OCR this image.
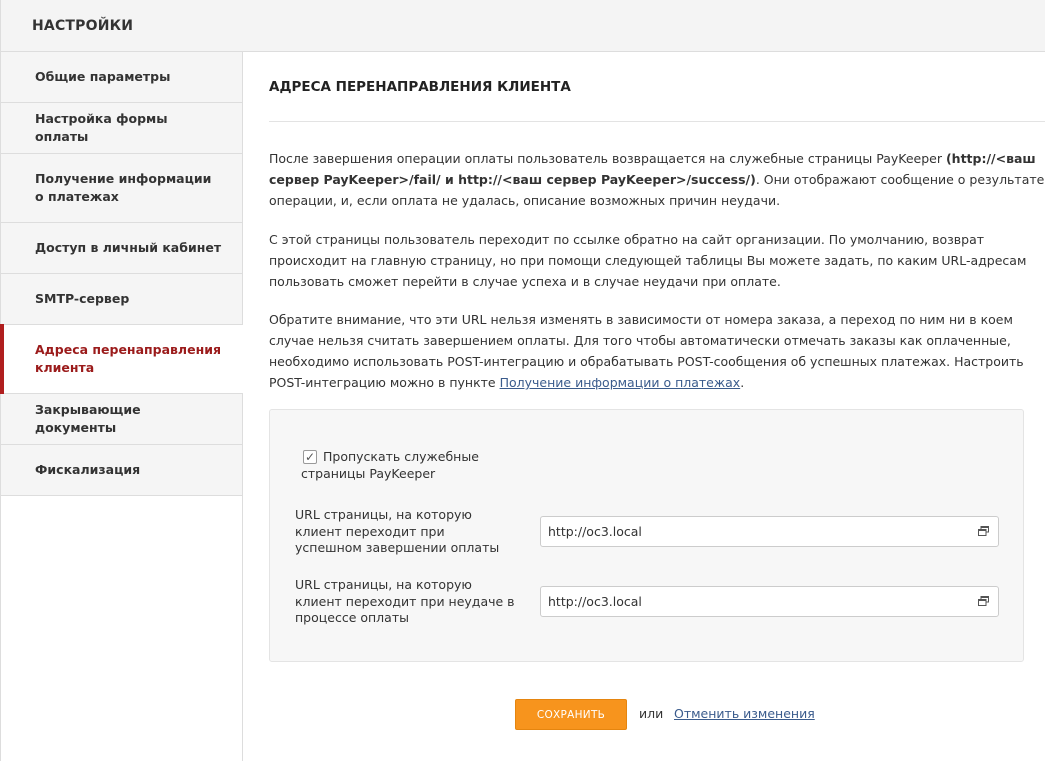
НАСТРОЙКИ
Общие параметры
Настройка формы оплаты
Получение информации о платежах
Доступ в личный кабинет
SMTP-сервер
Адреса перенаправления клиента
Закрывающие документы
Фискализация
АДРЕСА ПЕРЕНАПРАВЛЕНИЯ КЛИЕНТА

После завершения операции оплаты пользователь возвращается на служебные страницы PayKeeper (http://<ваш сервер PayKeeper>/fail/ и http://<ваш сервер PayKeeper>/success/). Они отображают сообщение о результате операции, и, если оплата не удалась, описание возможных причин неудачи.

С этой страницы пользователь переходит по ссылке обратно на сайт организации. По умолчанию, возврат происходит на главную страницу, но при помощи следующей таблицы Вы можете задать, по каким URL-адресам пользовать сможет перейти в случае успеха и в случае неудачи при оплате.

Обратите внимание, что эти URL нельзя изменять в зависимости от номера заказа, а переход по ним ни в коем случае нельзя считать завершением оплаты. Для того чтобы автоматически отмечать заказы как оплаченные, необходимо использовать POST-интеграцию и обрабатывать POST-сообщения об успешных платежах. Настроить POST-интеграцию можно в пункте Получение информации о платежах.

✓ Пропускать служебные страницы PayKeeper
URL страницы, на которую клиент переходит при успешном завершении оплаты
http://oc3.local
URL страницы, на которую клиент переходит при неудаче в процессе оплаты
http://oc3.local
СОХРАНИТЬ	или Отменить изменения
